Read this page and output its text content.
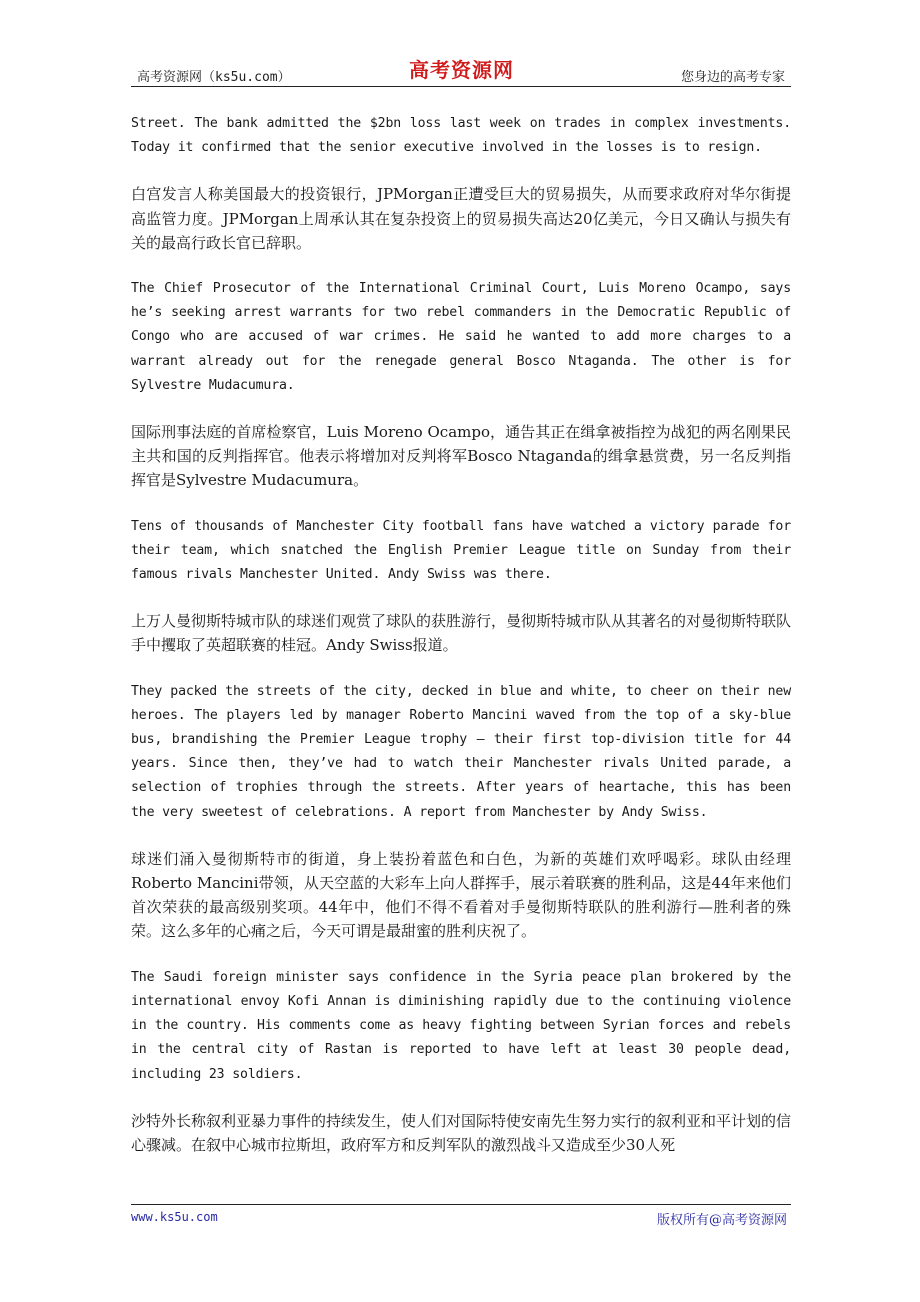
高考资源网（ks5u.com）	高考资源网	您身边的高考专家

Street. The bank admitted the $2bn loss last week on trades in complex investments. Today it confirmed that the senior executive involved in the losses is to resign.

白宫发言人称美国最大的投资银行，JPMorgan正遭受巨大的贸易损失，从而要求政府对华尔街提高监管力度。JPMorgan上周承认其在复杂投资上的贸易损失高达20亿美元，今日又确认与损失有关的最高行政长官已辞职。

The Chief Prosecutor of the International Criminal Court, Luis Moreno Ocampo, says he’s seeking arrest warrants for two rebel commanders in the Democratic Republic of Congo who are accused of war crimes. He said he wanted to add more charges to a warrant already out for the renegade general Bosco Ntaganda. The other is for Sylvestre Mudacumura.

国际刑事法庭的首席检察官，Luis Moreno Ocampo，通告其正在缉拿被指控为战犯的两名刚果民主共和国的反判指挥官。他表示将增加对反判将军Bosco Ntaganda的缉拿悬赏费，另一名反判指挥官是Sylvestre Mudacumura。

Tens of thousands of Manchester City football fans have watched a victory parade for their team, which snatched the English Premier League title on Sunday from their famous rivals Manchester United. Andy Swiss was there.

上万人曼彻斯特城市队的球迷们观赏了球队的获胜游行，曼彻斯特城市队从其著名的对曼彻斯特联队手中攫取了英超联赛的桂冠。Andy Swiss报道。

They packed the streets of the city, decked in blue and white, to cheer on their new heroes. The players led by manager Roberto Mancini waved from the top of a sky-blue bus, brandishing the Premier League trophy – their first top-division title for 44 years. Since then, they’ve had to watch their Manchester rivals United parade, a selection of trophies through the streets. After years of heartache, this has been the very sweetest of celebrations. A report from Manchester by Andy Swiss.

球迷们涌入曼彻斯特市的街道，身上装扮着蓝色和白色，为新的英雄们欢呼喝彩。球队由经理Roberto Mancini带领，从天空蓝的大彩车上向人群挥手，展示着联赛的胜利品，这是44年来他们首次荣获的最高级别奖项。44年中，他们不得不看着对手曼彻斯特联队的胜利游行—胜利者的殊荣。这么多年的心痛之后，今天可谓是最甜蜜的胜利庆祝了。

The Saudi foreign minister says confidence in the Syria peace plan brokered by the international envoy Kofi Annan is diminishing rapidly due to the continuing violence in the country. His comments come as heavy fighting between Syrian forces and rebels in the central city of Rastan is reported to have left at least 30 people dead, including 23 soldiers.

沙特外长称叙利亚暴力事件的持续发生，使人们对国际特使安南先生努力实行的叙利亚和平计划的信心骤减。在叙中心城市拉斯坦，政府军方和反判军队的激烈战斗又造成至少30人死

www.ks5u.com	版权所有@高考资源网
